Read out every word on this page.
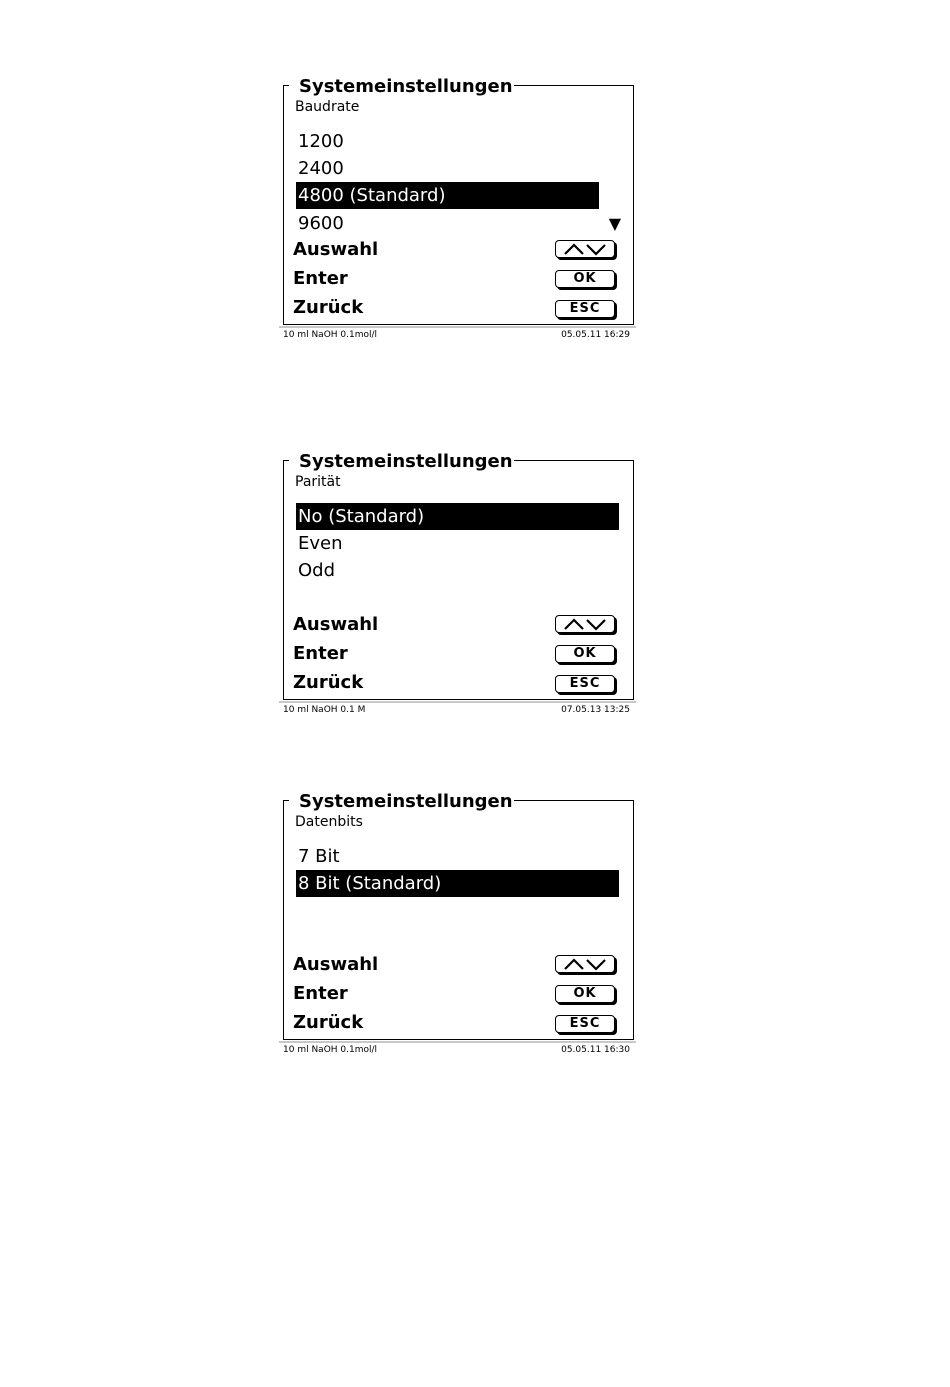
Systemeinstellungen
Baudrate
1200
2400
4800 (Standard)
9600	▼
Auswahl
Enter	OK
Zurück	ESC
10 ml NaOH 0.1mol/l	05.05.11 16:29
Systemeinstellungen
Parität
No (Standard)
Even
Odd
Auswahl
Enter	OK
Zurück	ESC
10 ml NaOH 0.1 M	07.05.13 13:25
Systemeinstellungen
Datenbits
7 Bit
8 Bit (Standard)
Auswahl
Enter	OK
Zurück	ESC
10 ml NaOH 0.1mol/l	05.05.11 16:30
